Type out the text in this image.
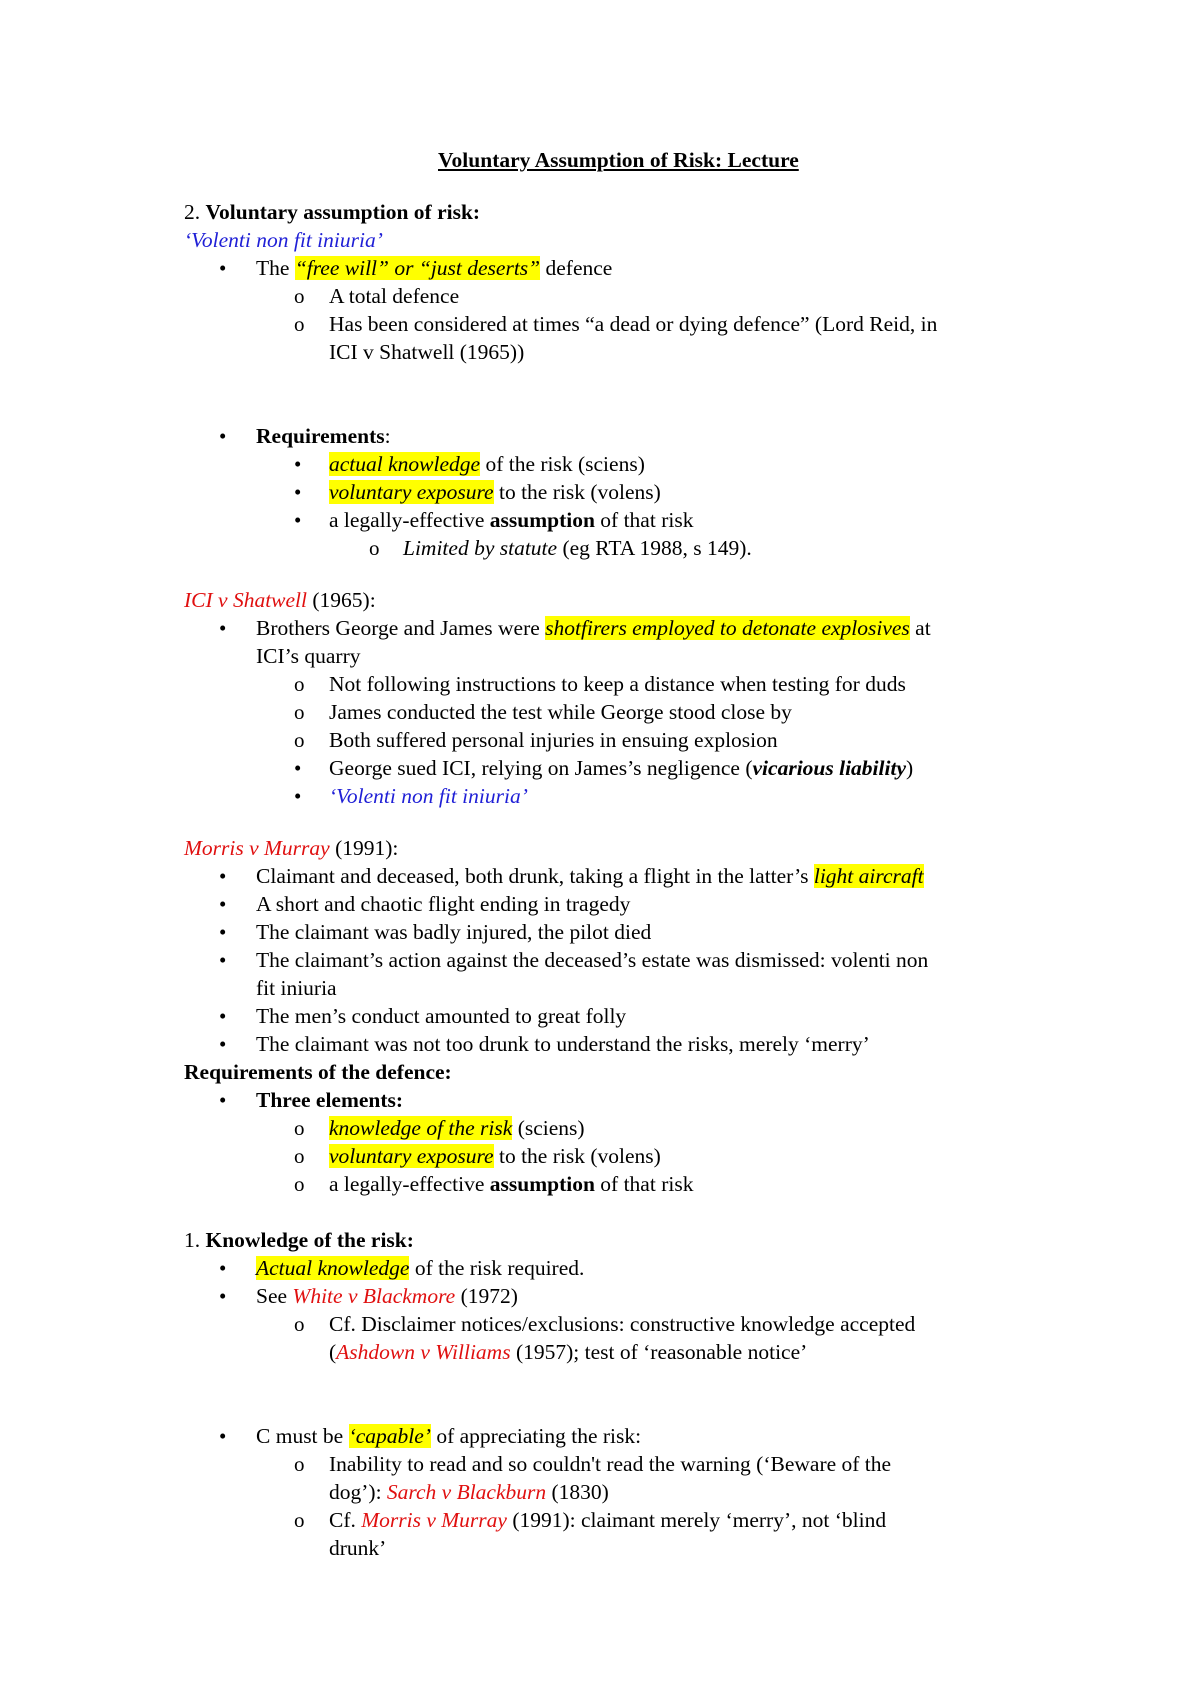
Voluntary Assumption of Risk: Lecture
2. Voluntary assumption of risk:
‘Volenti non fit iniuria’
• The “free will” or “just deserts” defence
o A total defence
o Has been considered at times “a dead or dying defence” (Lord Reid, in
ICI v Shatwell (1965))
• Requirements:
• actual knowledge of the risk (sciens)
• voluntary exposure to the risk (volens)
• a legally-effective assumption of that risk
o Limited by statute (eg RTA 1988, s 149).
ICI v Shatwell (1965):
• Brothers George and James were shotfirers employed to detonate explosives at
ICI’s quarry
o Not following instructions to keep a distance when testing for duds
o James conducted the test while George stood close by
o Both suffered personal injuries in ensuing explosion
• George sued ICI, relying on James’s negligence (vicarious liability)
• ‘Volenti non fit iniuria’
Morris v Murray (1991):
• Claimant and deceased, both drunk, taking a flight in the latter’s light aircraft
• A short and chaotic flight ending in tragedy
• The claimant was badly injured, the pilot died
• The claimant’s action against the deceased’s estate was dismissed: volenti non
fit iniuria
• The men’s conduct amounted to great folly
• The claimant was not too drunk to understand the risks, merely ‘merry’
Requirements of the defence:
• Three elements:
o knowledge of the risk (sciens)
o voluntary exposure to the risk (volens)
o a legally-effective assumption of that risk
1. Knowledge of the risk:
• Actual knowledge of the risk required.
• See White v Blackmore (1972)
o Cf. Disclaimer notices/exclusions: constructive knowledge accepted
(Ashdown v Williams (1957); test of ‘reasonable notice’
• C must be ‘capable’ of appreciating the risk:
o Inability to read and so couldn't read the warning (‘Beware of the
dog’): Sarch v Blackburn (1830)
o Cf. Morris v Murray (1991): claimant merely ‘merry’, not ‘blind
drunk’
